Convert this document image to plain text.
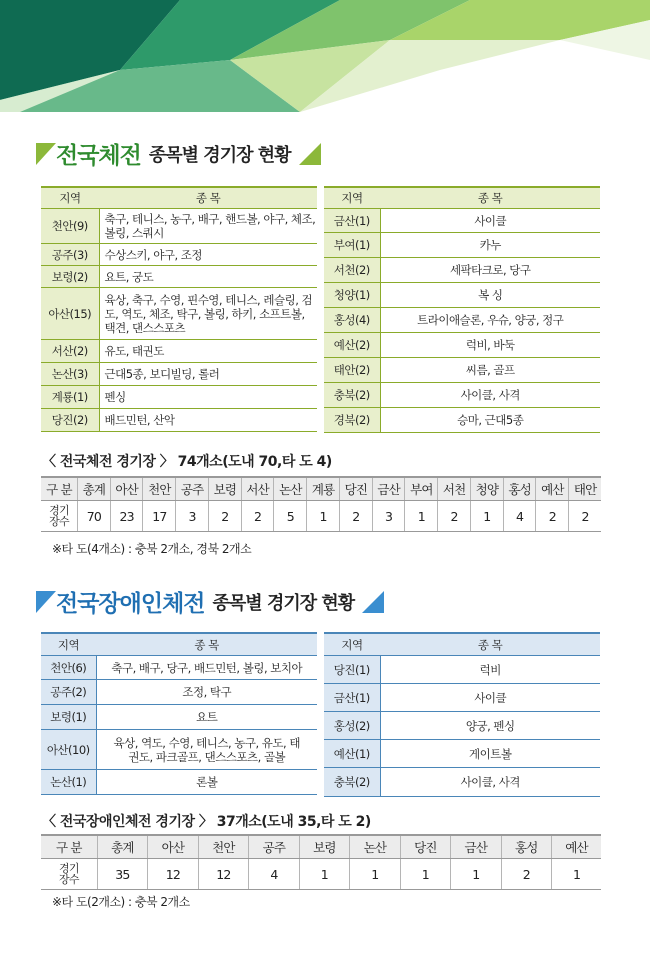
전국체전 종목별 경기장 현황
지역	종 목
천안(9)	축구, 테니스, 농구, 배구, 핸드볼, 야구, 체조, 볼링, 스쿼시
공주(3)	수상스키, 야구, 조정
보령(2)	요트, 궁도
아산(15)	육상, 축구, 수영, 핀수영, 테니스, 레슬링, 검도, 역도, 체조, 탁구, 볼링, 하키, 소프트볼, 택견, 댄스스포츠
서산(2)	유도, 태권도
논산(3)	근대5종, 보디빌딩, 롤러
계룡(1)	펜싱
당진(2)	배드민턴, 산악
지역	종 목
금산(1)	사이클
부여(1)	카누
서천(2)	세팍타크로, 당구
청양(1)	복 싱
홍성(4)	트라이애슬론, 우슈, 양궁, 정구
예산(2)	럭비, 바둑
태안(2)	씨름, 골프
충북(2)	사이클, 사격
경북(2)	승마, 근대5종
〈 전국체전 경기장 〉 74개소(도내 70,타 도 4)
구 분	총계	아산	천안	공주	보령	서산	논산	계룡	당진	금산	부여	서천	청양	홍성	예산	태안
경기
장수	70	23	17	3	2	2	5	1	2	3	1	2	1	4	2	2
※타 도(4개소) : 충북 2개소, 경북 2개소
전국장애인체전 종목별 경기장 현황
지역	종 목
천안(6)	축구, 배구, 당구, 배드민턴, 볼링, 보치아
공주(2)	조정, 탁구
보령(1)	요트
아산(10)	육상, 역도, 수영, 테니스, 농구, 유도, 태권도, 파크골프, 댄스스포츠, 골볼
논산(1)	론볼
지역	종 목
당진(1)	럭비
금산(1)	사이클
홍성(2)	양궁, 펜싱
예산(1)	게이트볼
충북(2)	사이클, 사격
〈 전국장애인체전 경기장 〉 37개소(도내 35,타 도 2)
구 분	총계	아산	천안	공주	보령	논산	당진	금산	홍성	예산
경기
장수	35	12	12	4	1	1	1	1	2	1
※타 도(2개소) : 충북 2개소
